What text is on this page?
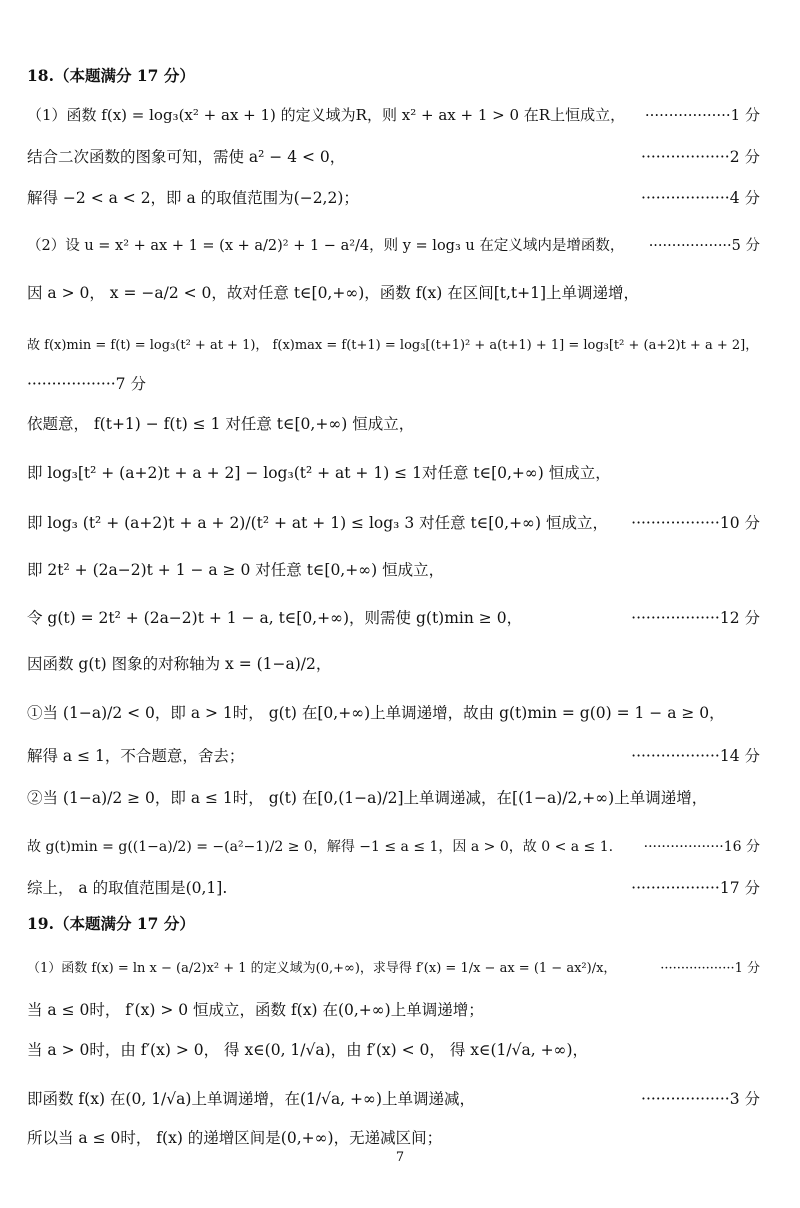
18.（本题满分 17 分）
（1）函数 f(x) = log₃(x² + ax + 1) 的定义域为R，则 x² + ax + 1 > 0 在R上恒成立， ··················1 分
结合二次函数的图象可知，需使 a² − 4 < 0，	··················2 分
解得 −2 < a < 2，即 a 的取值范围为(−2,2)；	··················4 分
（2）设 u = x² + ax + 1 = (x + a/2)² + 1 − a²/4，则 y = log₃ u 在定义域内是增函数， ··················5 分
因 a > 0， x = −a/2 < 0，故对任意 t∈[0,+∞)，函数 f(x) 在区间[t,t+1]上单调递增，
故 f(x)min = f(t) = log₃(t² + at + 1)， f(x)max = f(t+1) = log₃[(t+1)² + a(t+1) + 1] = log₃[t² + (a+2)t + a + 2]，
··················7 分
依题意， f(t+1) − f(t) ≤ 1 对任意 t∈[0,+∞) 恒成立，
即 log₃[t² + (a+2)t + a + 2] − log₃(t² + at + 1) ≤ 1对任意 t∈[0,+∞) 恒成立，
即 log₃ (t² + (a+2)t + a + 2)/(t² + at + 1) ≤ log₃ 3 对任意 t∈[0,+∞) 恒成立， ··················10 分
即 2t² + (2a−2)t + 1 − a ≥ 0 对任意 t∈[0,+∞) 恒成立，
令 g(t) = 2t² + (2a−2)t + 1 − a, t∈[0,+∞)，则需使 g(t)min ≥ 0，	··················12 分
因函数 g(t) 图象的对称轴为 x = (1−a)/2，
①当 (1−a)/2 < 0，即 a > 1时， g(t) 在[0,+∞)上单调递增，故由 g(t)min = g(0) = 1 − a ≥ 0，
解得 a ≤ 1，不合题意，舍去；	··················14 分
②当 (1−a)/2 ≥ 0，即 a ≤ 1时， g(t) 在[0,(1−a)/2]上单调递减，在[(1−a)/2,+∞)上单调递增，
故 g(t)min = g((1−a)/2) = −(a²−1)/2 ≥ 0，解得 −1 ≤ a ≤ 1，因 a > 0，故 0 < a ≤ 1. ··················16 分
综上， a 的取值范围是(0,1].	··················17 分
19.（本题满分 17 分）
（1）函数 f(x) = ln x − (a/2)x² + 1 的定义域为(0,+∞)，求导得 f′(x) = 1/x − ax = (1 − ax²)/x，	··················1 分
当 a ≤ 0时， f′(x) > 0 恒成立，函数 f(x) 在(0,+∞)上单调递增；
当 a > 0时，由 f′(x) > 0， 得 x∈(0, 1/√a)，由 f′(x) < 0， 得 x∈(1/√a, +∞)，
即函数 f(x) 在(0, 1/√a)上单调递增，在(1/√a, +∞)上单调递减，	··················3 分
所以当 a ≤ 0时， f(x) 的递增区间是(0,+∞)，无递减区间；
7
